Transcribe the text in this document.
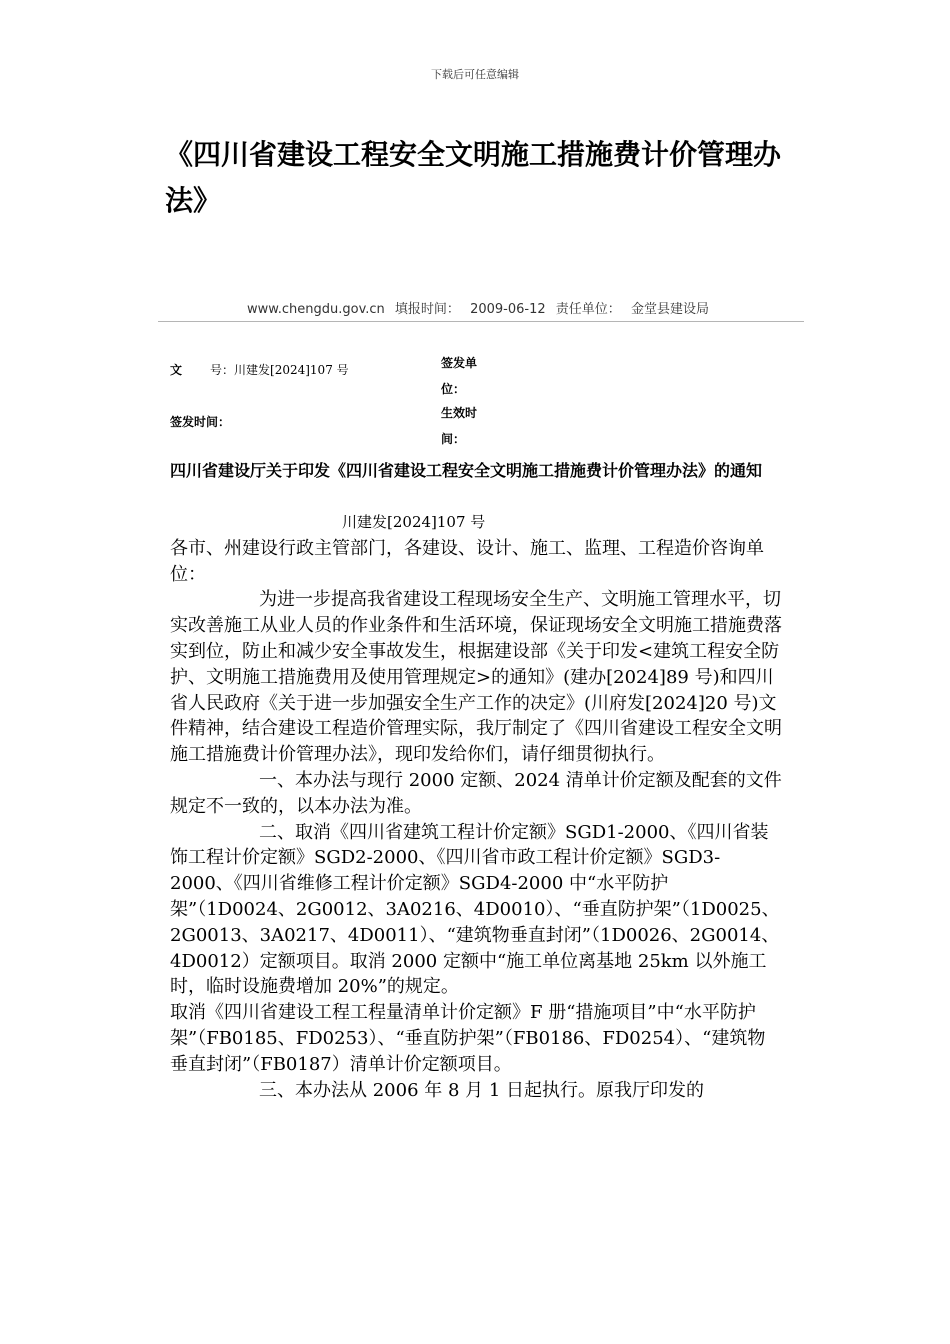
下载后可任意编辑
《四川省建设工程安全文明施工措施费计价管理办法》
www.chengdu.gov.cn 填报时间： 2009-06-12 责任单位： 金堂县建设局
文 号：川建发[2024]107 号	签发单位：
签发时间：
生效时间：
四川省建设厅关于印发《四川省建设工程安全文明施工措施费计价管理办法》的通知

川建发[2024]107 号

各市、州建设行政主管部门，各建设、设计、施工、监理、工程造价咨询单位：

为进一步提高我省建设工程现场安全生产、文明施工管理水平，切实改善施工从业人员的作业条件和生活环境，保证现场安全文明施工措施费落实到位，防止和减少安全事故发生，根据建设部《关于印发<建筑工程安全防护、文明施工措施费用及使用管理规定>的通知》(建办[2024]89 号)和四川省人民政府《关于进一步加强安全生产工作的决定》(川府发[2024]20 号)文件精神，结合建设工程造价管理实际，我厅制定了《四川省建设工程安全文明施工措施费计价管理办法》，现印发给你们，请仔细贯彻执行。

一、本办法与现行 2000 定额、2024 清单计价定额及配套的文件规定不一致的，以本办法为准。

二、取消《四川省建筑工程计价定额》SGD1-2000、《四川省装饰工程计价定额》SGD2-2000、《四川省市政工程计价定额》SGD3-2000、《四川省维修工程计价定额》SGD4-2000 中“水平防护架”（1D0024、2G0012、3A0216、4D0010）、“垂直防护架”（1D0025、2G0013、3A0217、4D0011）、“建筑物垂直封闭”（1D0026、2G0014、4D0012）定额项目。取消 2000 定额中“施工单位离基地 25km 以外施工时，临时设施费增加 20%”的规定。

取消《四川省建设工程工程量清单计价定额》F 册“措施项目”中“水平防护架”（FB0185、FD0253）、“垂直防护架”（FB0186、FD0254）、“建筑物垂直封闭”（FB0187）清单计价定额项目。

三、本办法从 2006 年 8 月 1 日起执行。原我厅印发的
